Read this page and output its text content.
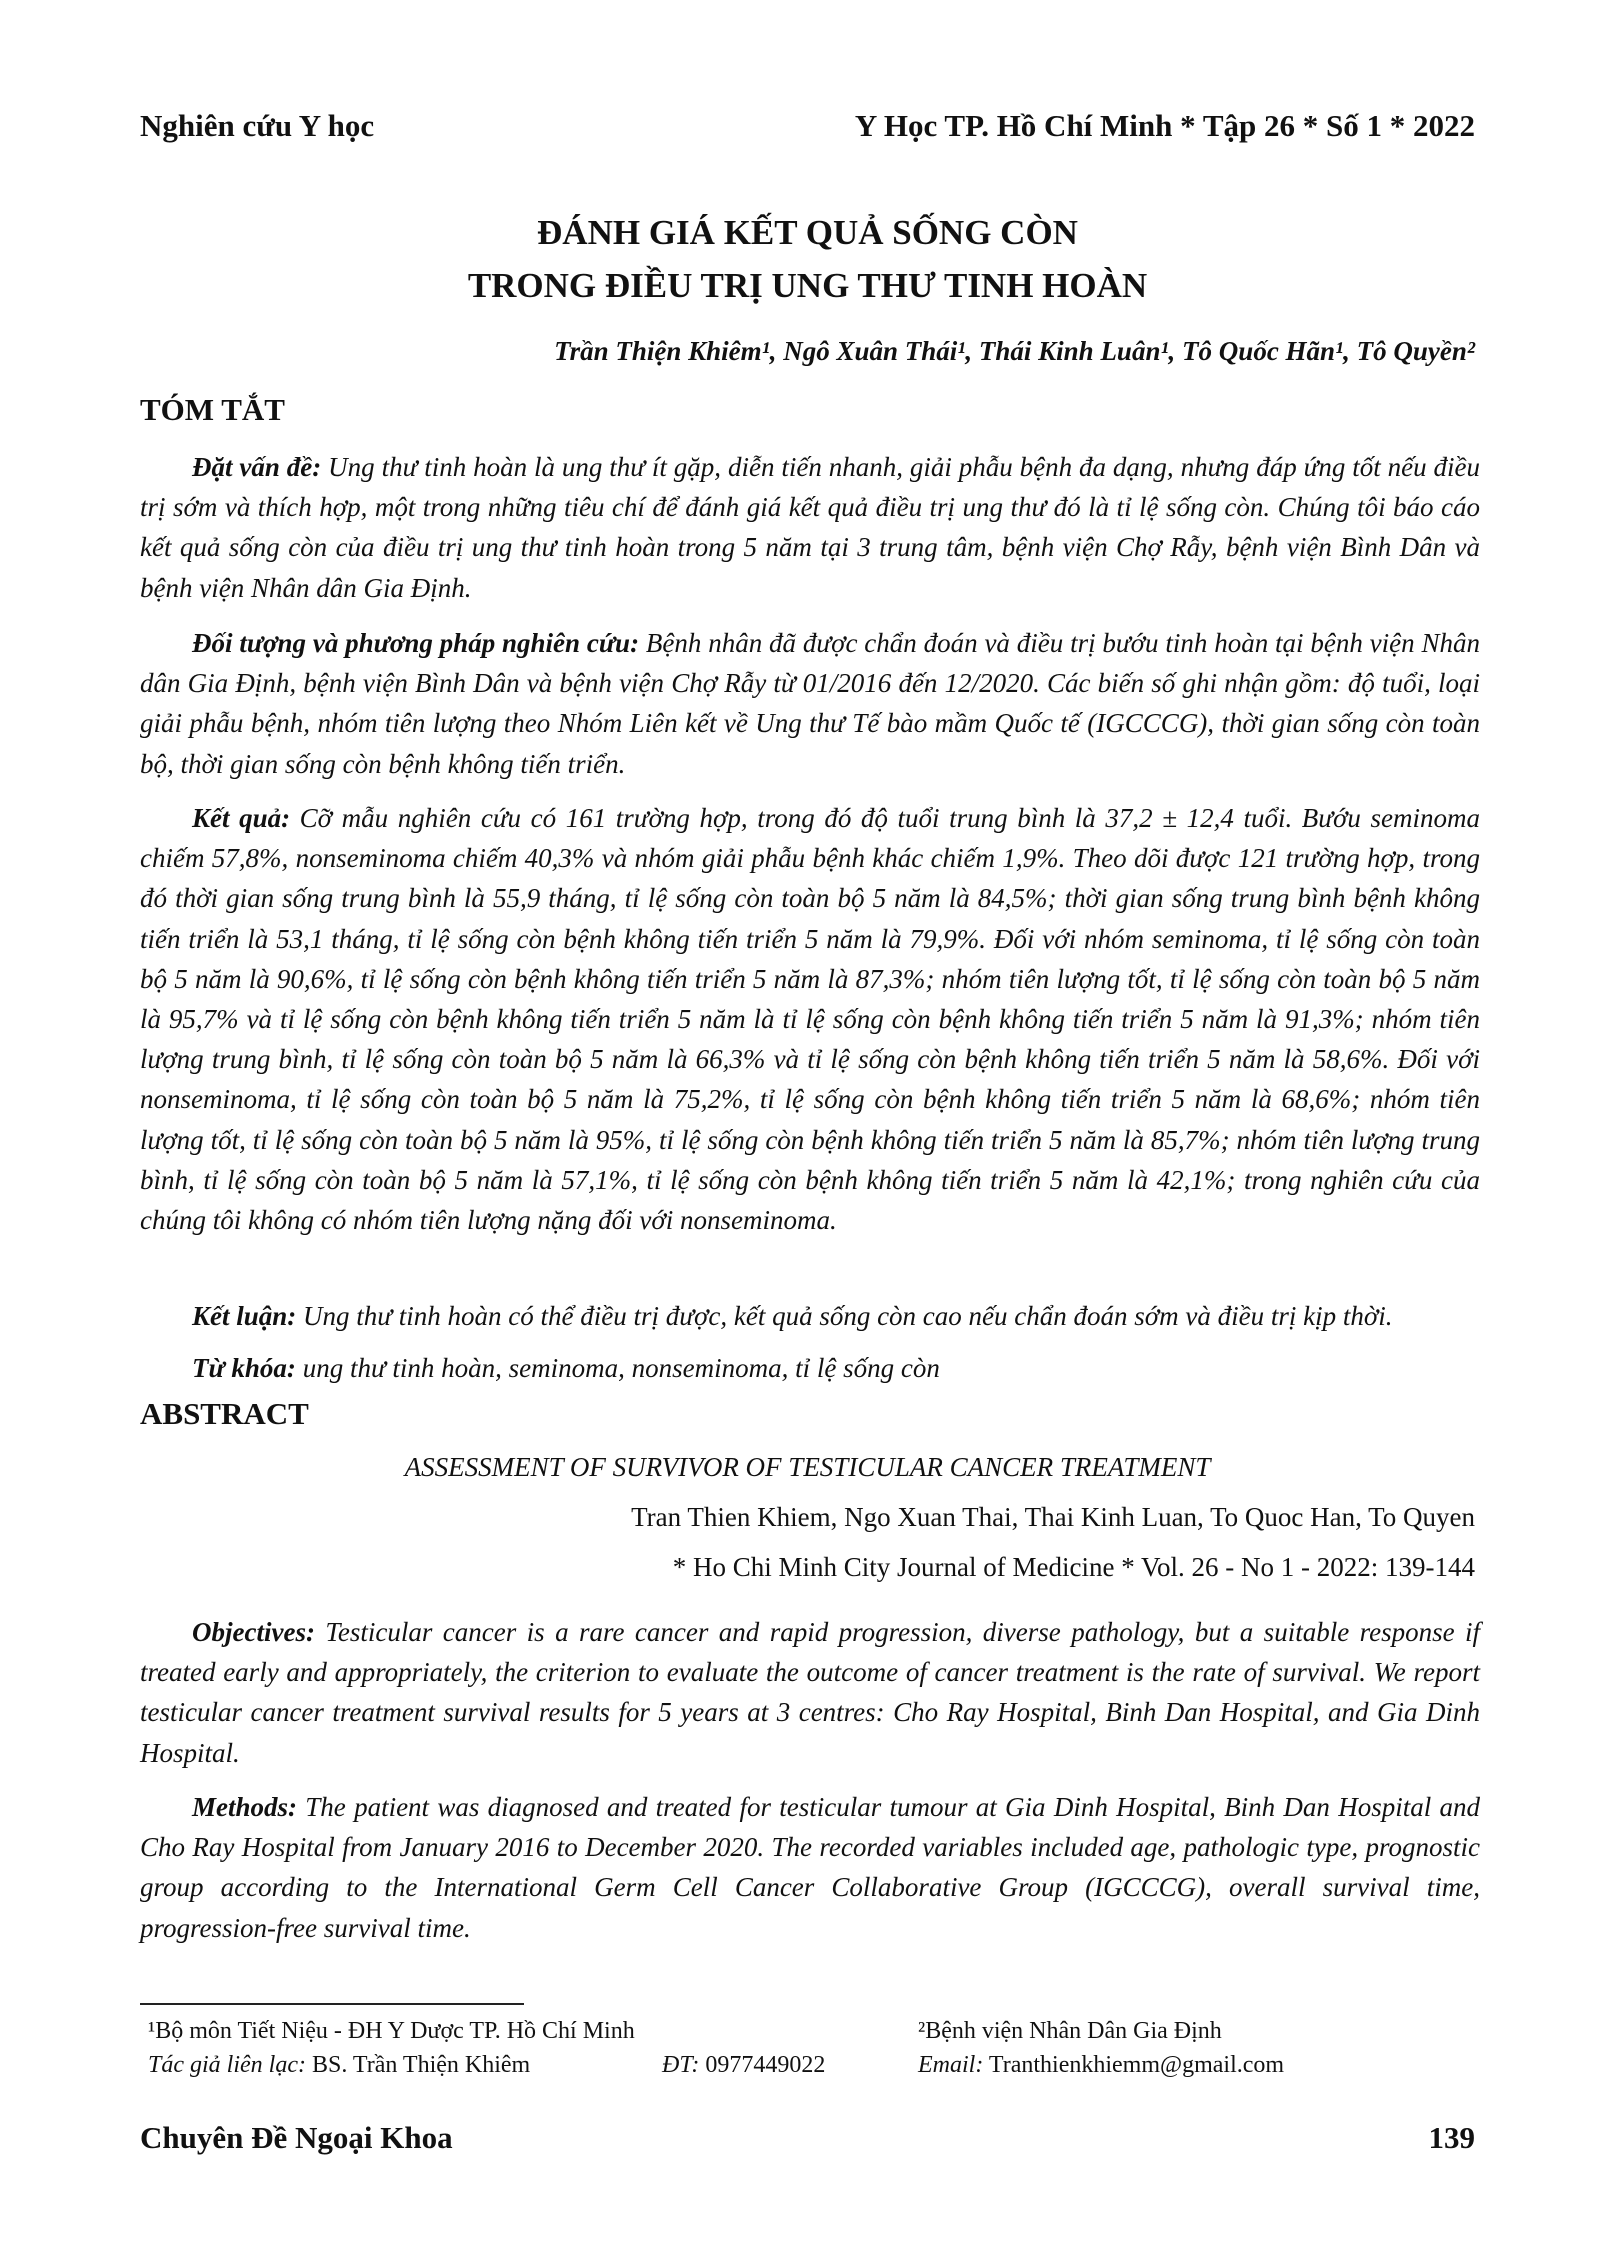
Nghiên cứu Y học	Y Học TP. Hồ Chí Minh * Tập 26 * Số 1 * 2022
ĐÁNH GIÁ KẾT QUẢ SỐNG CÒN
TRONG ĐIỀU TRỊ UNG THƯ TINH HOÀN
Trần Thiện Khiêm¹, Ngô Xuân Thái¹, Thái Kinh Luân¹, Tô Quốc Hãn¹, Tô Quyền²
TÓM TẮT
Đặt vấn đề: Ung thư tinh hoàn là ung thư ít gặp, diễn tiến nhanh, giải phẫu bệnh đa dạng, nhưng đáp ứng tốt nếu điều trị sớm và thích hợp, một trong những tiêu chí để đánh giá kết quả điều trị ung thư đó là tỉ lệ sống còn. Chúng tôi báo cáo kết quả sống còn của điều trị ung thư tinh hoàn trong 5 năm tại 3 trung tâm, bệnh viện Chợ Rẫy, bệnh viện Bình Dân và bệnh viện Nhân dân Gia Định.
Đối tượng và phương pháp nghiên cứu: Bệnh nhân đã được chẩn đoán và điều trị bướu tinh hoàn tại bệnh viện Nhân dân Gia Định, bệnh viện Bình Dân và bệnh viện Chợ Rẫy từ 01/2016 đến 12/2020. Các biến số ghi nhận gồm: độ tuổi, loại giải phẫu bệnh, nhóm tiên lượng theo Nhóm Liên kết về Ung thư Tế bào mầm Quốc tế (IGCCCG), thời gian sống còn toàn bộ, thời gian sống còn bệnh không tiến triển.
Kết quả: Cỡ mẫu nghiên cứu có 161 trường hợp, trong đó độ tuổi trung bình là 37,2 ± 12,4 tuổi. Bướu seminoma chiếm 57,8%, nonseminoma chiếm 40,3% và nhóm giải phẫu bệnh khác chiếm 1,9%. Theo dõi được 121 trường hợp, trong đó thời gian sống trung bình là 55,9 tháng, tỉ lệ sống còn toàn bộ 5 năm là 84,5%; thời gian sống trung bình bệnh không tiến triển là 53,1 tháng, tỉ lệ sống còn bệnh không tiến triển 5 năm là 79,9%. Đối với nhóm seminoma, tỉ lệ sống còn toàn bộ 5 năm là 90,6%, tỉ lệ sống còn bệnh không tiến triển 5 năm là 87,3%; nhóm tiên lượng tốt, tỉ lệ sống còn toàn bộ 5 năm là 95,7% và tỉ lệ sống còn bệnh không tiến triển 5 năm là tỉ lệ sống còn bệnh không tiến triển 5 năm là 91,3%; nhóm tiên lượng trung bình, tỉ lệ sống còn toàn bộ 5 năm là 66,3% và tỉ lệ sống còn bệnh không tiến triển 5 năm là 58,6%. Đối với nonseminoma, tỉ lệ sống còn toàn bộ 5 năm là 75,2%, tỉ lệ sống còn bệnh không tiến triển 5 năm là 68,6%; nhóm tiên lượng tốt, tỉ lệ sống còn toàn bộ 5 năm là 95%, tỉ lệ sống còn bệnh không tiến triển 5 năm là 85,7%; nhóm tiên lượng trung bình, tỉ lệ sống còn toàn bộ 5 năm là 57,1%, tỉ lệ sống còn bệnh không tiến triển 5 năm là 42,1%; trong nghiên cứu của chúng tôi không có nhóm tiên lượng nặng đối với nonseminoma.
Kết luận: Ung thư tinh hoàn có thể điều trị được, kết quả sống còn cao nếu chẩn đoán sớm và điều trị kịp thời.
Từ khóa: ung thư tinh hoàn, seminoma, nonseminoma, tỉ lệ sống còn
ABSTRACT
ASSESSMENT OF SURVIVOR OF TESTICULAR CANCER TREATMENT
Tran Thien Khiem, Ngo Xuan Thai, Thai Kinh Luan, To Quoc Han, To Quyen
* Ho Chi Minh City Journal of Medicine * Vol. 26 - No 1 - 2022: 139-144
Objectives: Testicular cancer is a rare cancer and rapid progression, diverse pathology, but a suitable response if treated early and appropriately, the criterion to evaluate the outcome of cancer treatment is the rate of survival. We report testicular cancer treatment survival results for 5 years at 3 centres: Cho Ray Hospital, Binh Dan Hospital, and Gia Dinh Hospital.
Methods: The patient was diagnosed and treated for testicular tumour at Gia Dinh Hospital, Binh Dan Hospital and Cho Ray Hospital from January 2016 to December 2020. The recorded variables included age, pathologic type, prognostic group according to the International Germ Cell Cancer Collaborative Group (IGCCCG), overall survival time, progression-free survival time.
¹Bộ môn Tiết Niệu - ĐH Y Dược TP. Hồ Chí Minh	²Bệnh viện Nhân Dân Gia Định
Tác giả liên lạc: BS. Trần Thiện Khiêm	ĐT: 0977449022	Email: Tranthienkhiemm@gmail.com
Chuyên Đề Ngoại Khoa	139
